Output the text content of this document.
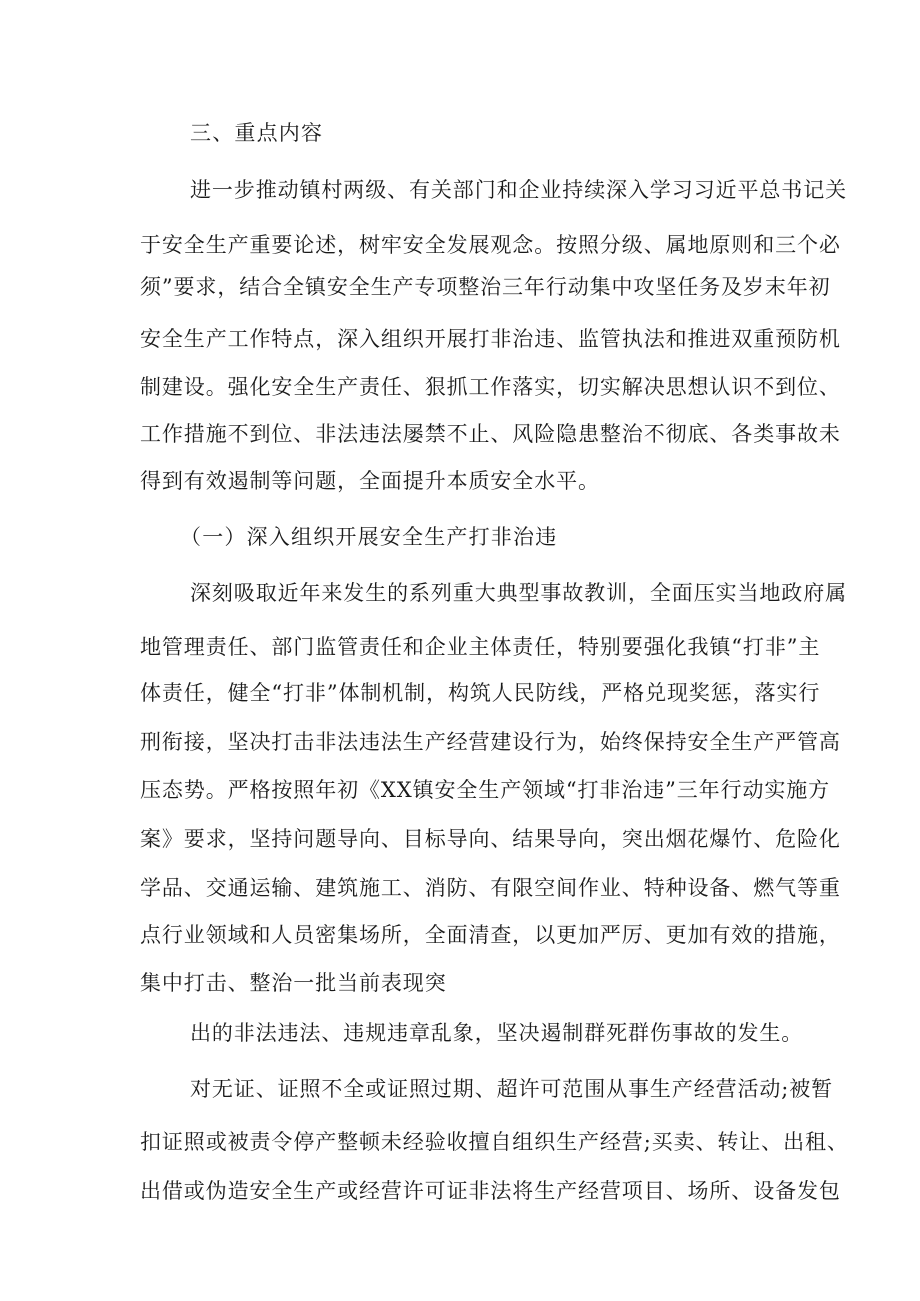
三、重点内容

进一步推动镇村两级、有关部门和企业持续深入学习习近平总书记关

于安全生产重要论述，树牢安全发展观念。按照分级、属地原则和三个必

须”要求，结合全镇安全生产专项整治三年行动集中攻坚任务及岁末年初

安全生产工作特点，深入组织开展打非治违、监管执法和推进双重预防机

制建设。强化安全生产责任、狠抓工作落实，切实解决思想认识不到位、

工作措施不到位、非法违法屡禁不止、风险隐患整治不彻底、各类事故未

得到有效遏制等问题，全面提升本质安全水平。

（一）深入组织开展安全生产打非治违

深刻吸取近年来发生的系列重大典型事故教训，全面压实当地政府属

地管理责任、部门监管责任和企业主体责任，特别要强化我镇“打非”主

体责任，健全“打非”体制机制，构筑人民防线，严格兑现奖惩，落实行

刑衔接，坚决打击非法违法生产经营建设行为，始终保持安全生产严管高

压态势。严格按照年初《XX镇安全生产领域“打非治违”三年行动实施方

案》要求，坚持问题导向、目标导向、结果导向，突出烟花爆竹、危险化

学品、交通运输、建筑施工、消防、有限空间作业、特种设备、燃气等重

点行业领域和人员密集场所，全面清查，以更加严厉、更加有效的措施，

集中打击、整治一批当前表现突

出的非法违法、违规违章乱象，坚决遏制群死群伤事故的发生。

对无证、证照不全或证照过期、超许可范围从事生产经营活动;被暂

扣证照或被责令停产整顿未经验收擅自组织生产经营;买卖、转让、出租、

出借或伪造安全生产或经营许可证非法将生产经营项目、场所、设备发包
